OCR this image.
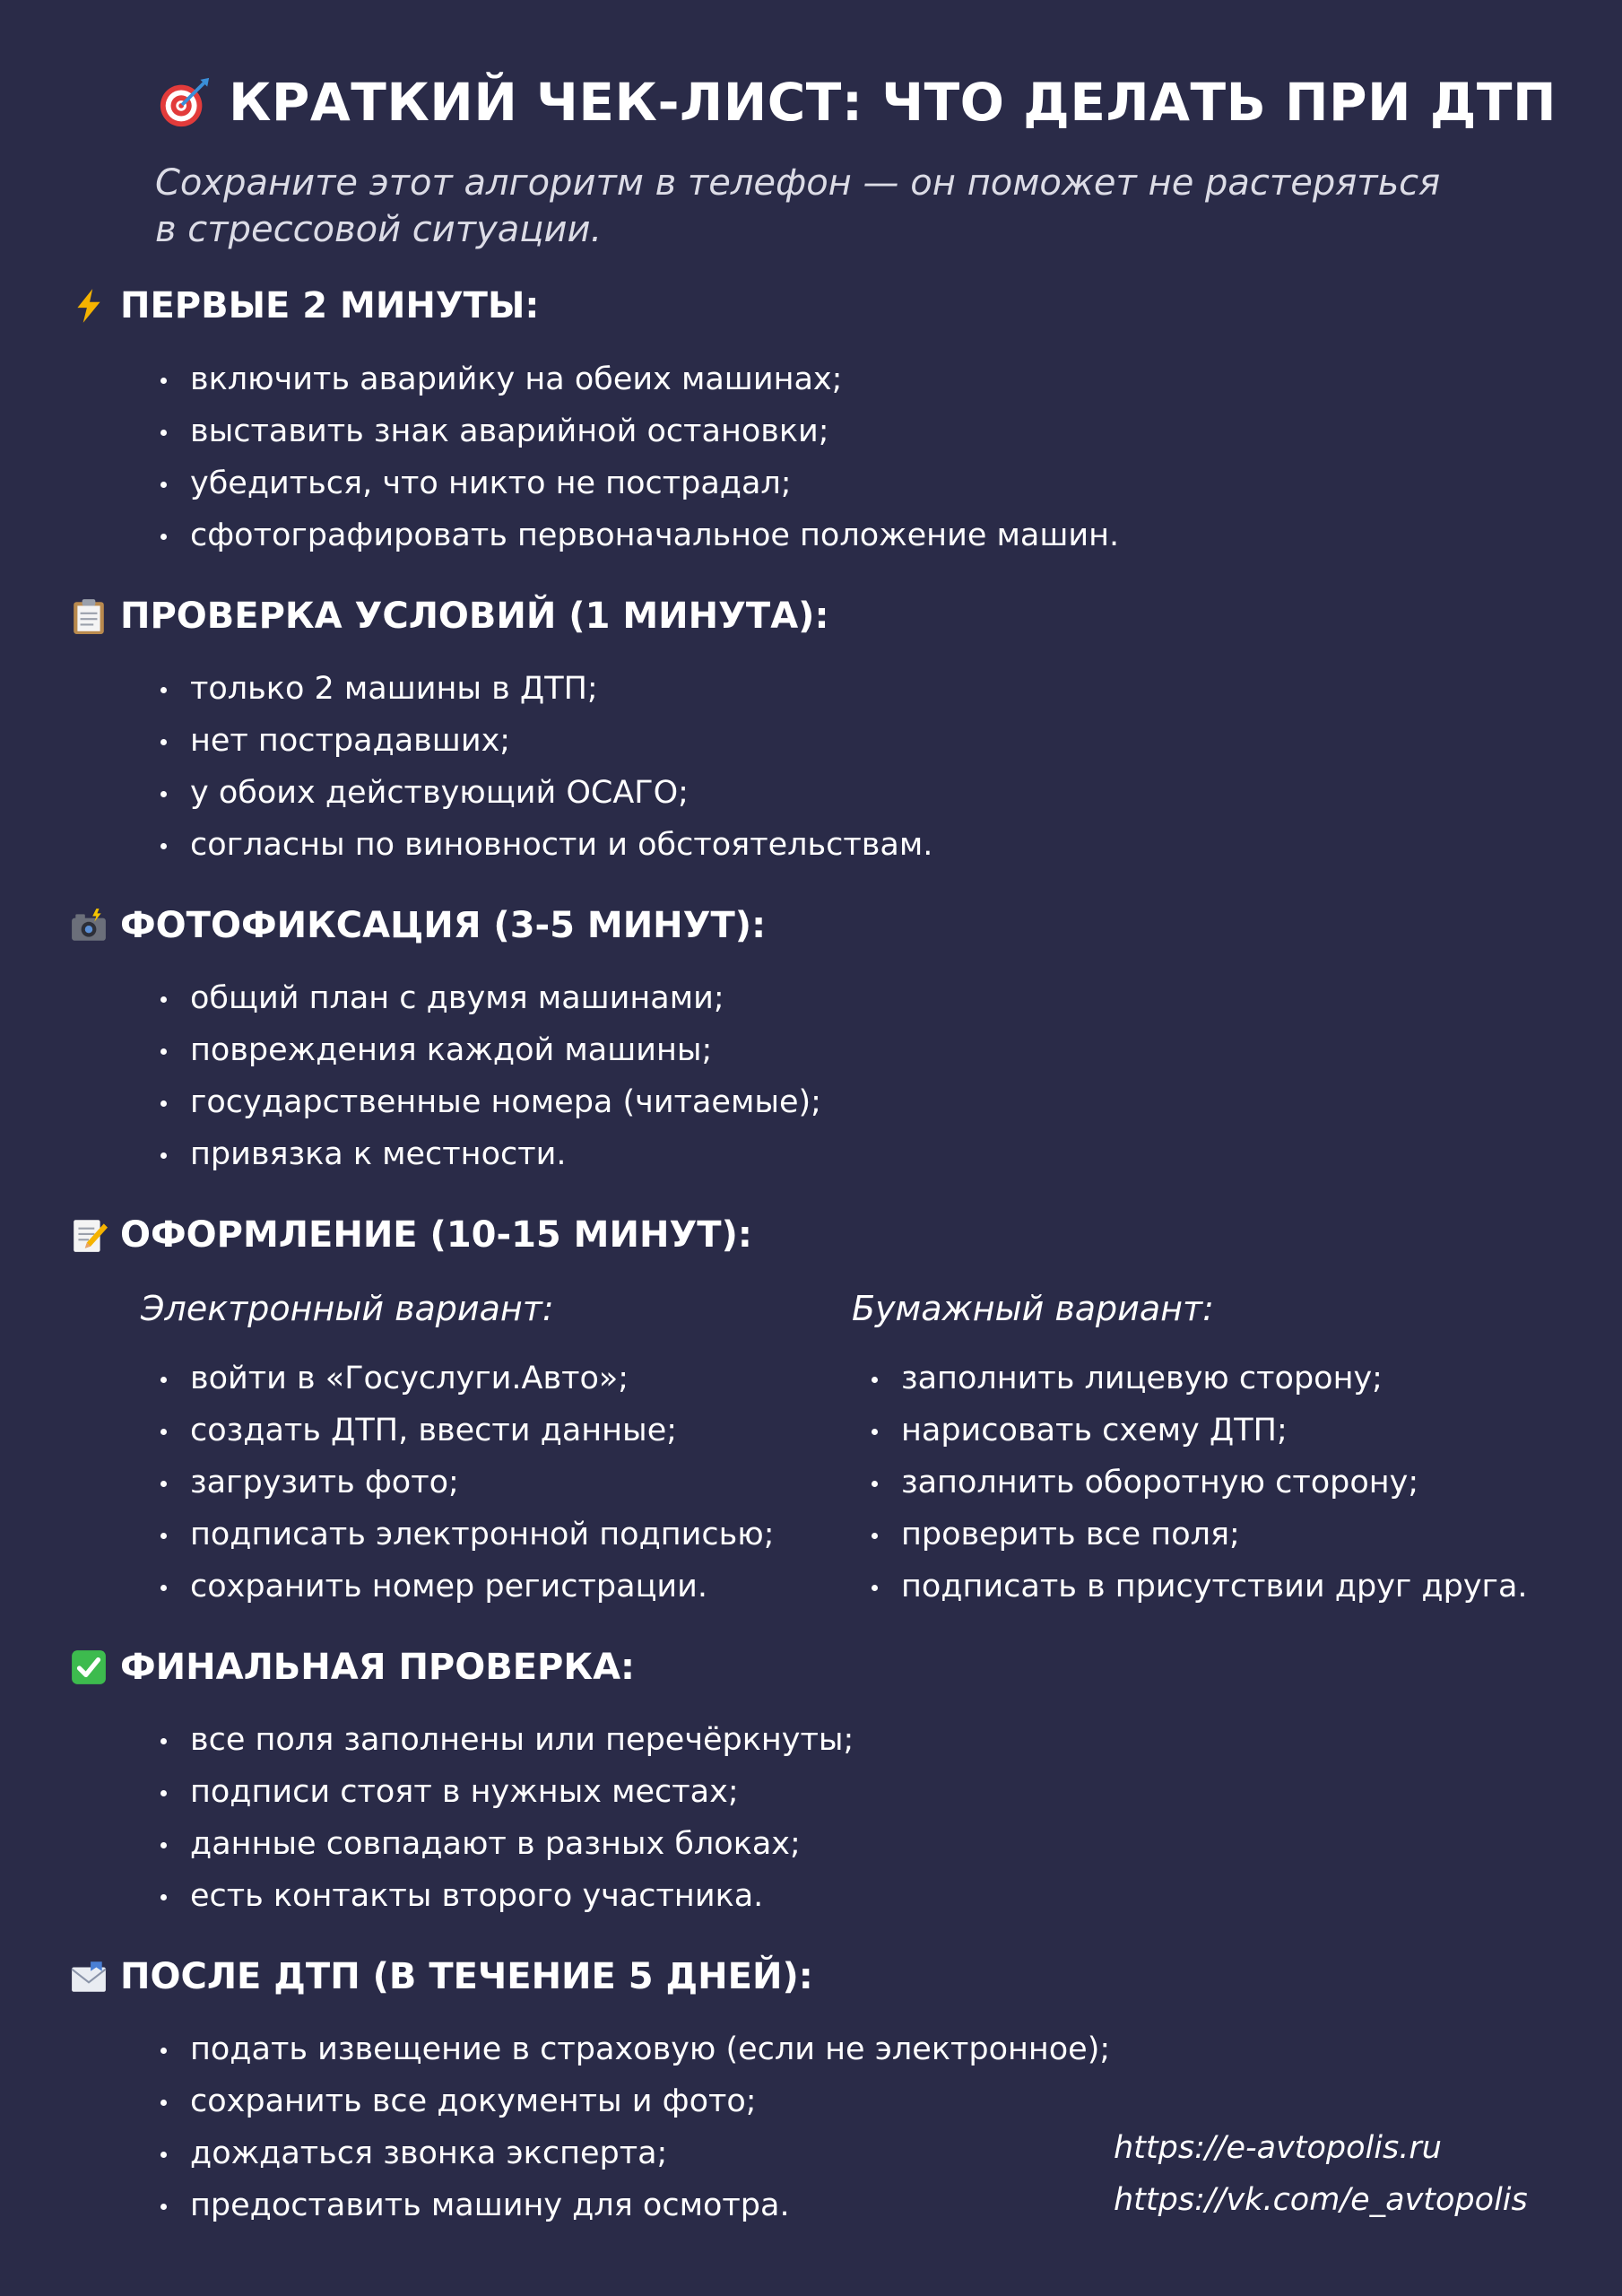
КРАТКИЙ ЧЕК-ЛИСТ: ЧТО ДЕЛАТЬ ПРИ ДТП
Сохраните этот алгоритм в телефон — он поможет не растеряться
в стрессовой ситуации.
ПЕРВЫЕ 2 МИНУТЫ:
включить аварийку на обеих машинах;
выставить знак аварийной остановки;
убедиться, что никто не пострадал;
сфотографировать первоначальное положение машин.
ПРОВЕРКА УСЛОВИЙ (1 МИНУТА):
только 2 машины в ДТП;
нет пострадавших;
у обоих действующий ОСАГО;
согласны по виновности и обстоятельствам.
ФОТОФИКСАЦИЯ (3-5 МИНУТ):
общий план с двумя машинами;
повреждения каждой машины;
государственные номера (читаемые);
привязка к местности.
ОФОРМЛЕНИЕ (10-15 МИНУТ):
Электронный вариант:	Бумажный вариант:
войти в «Госуслуги.Авто»;
создать ДТП, ввести данные;
загрузить фото;
подписать электронной подписью;
сохранить номер регистрации.
заполнить лицевую сторону;
нарисовать схему ДТП;
заполнить оборотную сторону;
проверить все поля;
подписать в присутствии друг друга.
ФИНАЛЬНАЯ ПРОВЕРКА:
все поля заполнены или перечёркнуты;
подписи стоят в нужных местах;
данные совпадают в разных блоках;
есть контакты второго участника.
ПОСЛЕ ДТП (В ТЕЧЕНИЕ 5 ДНЕЙ):
подать извещение в страховую (если не электронное);
сохранить все документы и фото;
дождаться звонка эксперта;
предоставить машину для осмотра.
https://e-avtopolis.ru
https://vk.com/e_avtopolis
